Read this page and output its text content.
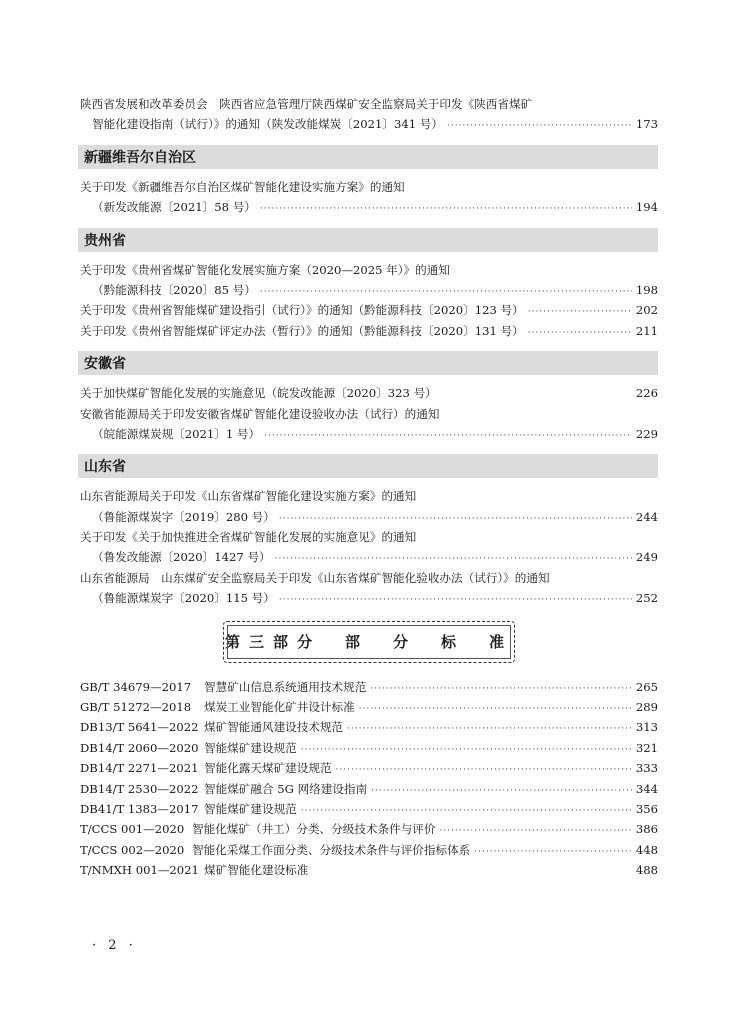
陕西省发展和改革委员会　陕西省应急管理厅陕西煤矿安全监察局关于印发《陕西省煤矿
智能化建设指南（试行）》的通知（陕发改能煤炭〔2021〕341 号） ·····	173
新疆维吾尔自治区
关于印发《新疆维吾尔自治区煤矿智能化建设实施方案》的通知
（新发改能源〔2021〕58 号） ·····	194
贵州省
关于印发《贵州省煤矿智能化发展实施方案（2020—2025 年）》的通知
（黔能源科技〔2020〕85 号） ·····	198
关于印发《贵州省智能煤矿建设指引（试行）》的通知（黔能源科技〔2020〕123 号） ·····	202
关于印发《贵州省智能煤矿评定办法（暂行）》的通知（黔能源科技〔2020〕131 号） ·····	211
安徽省
关于加快煤矿智能化发展的实施意见（皖发改能源〔2020〕323 号）	226
安徽省能源局关于印发安徽省煤矿智能化建设验收办法（试行）的通知
（皖能源煤炭规〔2021〕1 号） ·····	229
山东省
山东省能源局关于印发《山东省煤矿智能化建设实施方案》的通知
（鲁能源煤炭字〔2019〕280 号） ·····	244
关于印发《关于加快推进全省煤矿智能化发展的实施意见》的通知
（鲁发改能源〔2020〕1427 号） ·····	249
山东省能源局　山东煤矿安全监察局关于印发《山东省煤矿智能化验收办法（试行）》的通知
（鲁能源煤炭字〔2020〕115 号） ·····	252
第三部分　部　分　标　准
GB/T 34679—2017 智慧矿山信息系统通用技术规范 ·····	265
GB/T 51272—2018 煤炭工业智能化矿井设计标准 ·····	289
DB13/T 5641—2022 煤矿智能通风建设技术规范 ·····	313
DB14/T 2060—2020 智能煤矿建设规范 ·····	321
DB14/T 2271—2021 智能化露天煤矿建设规范 ·····	333
DB14/T 2530—2022 智能煤矿融合 5G 网络建设指南 ·····	344
DB41/T 1383—2017 智能煤矿建设规范 ·····	356
T/CCS 001—2020 智能化煤矿（井工）分类、分级技术条件与评价 ·····	386
T/CCS 002—2020 智能化采煤工作面分类、分级技术条件与评价指标体系 ·····	448
T/NMXH 001—2021 煤矿智能化建设标准	488
· 2 ·
